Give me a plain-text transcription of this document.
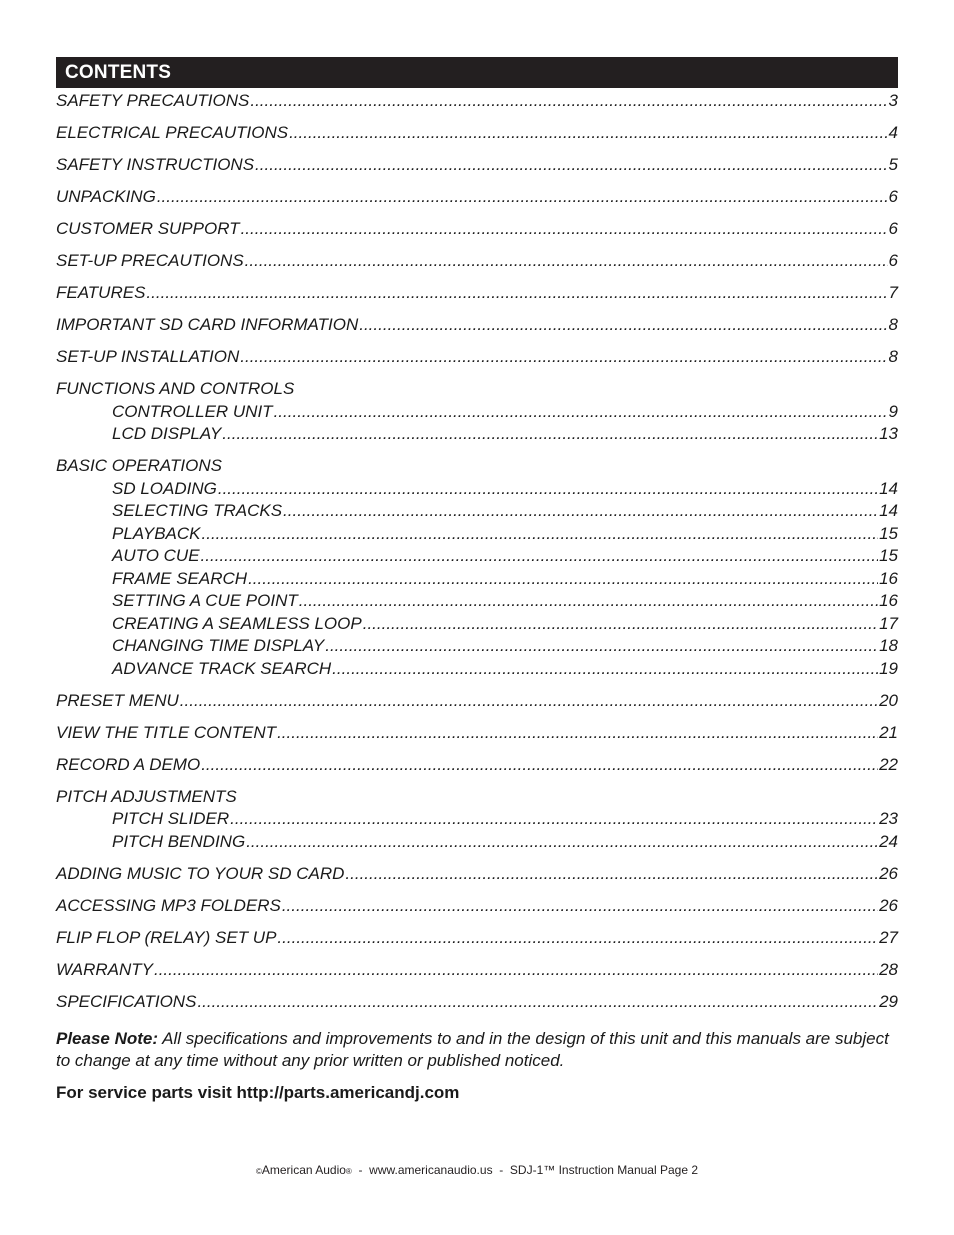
CONTENTS
SAFETY PRECAUTIONS .....	3
ELECTRICAL PRECAUTIONS .....	4
SAFETY INSTRUCTIONS .....	5
UNPACKING .....	6
CUSTOMER SUPPORT .....	6
SET-UP PRECAUTIONS .....	6
FEATURES .....	7
IMPORTANT SD CARD INFORMATION .....	8
SET-UP INSTALLATION .....	8
FUNCTIONS AND CONTROLS
CONTROLLER UNIT .....	9
LCD DISPLAY .....	13
BASIC OPERATIONS
SD LOADING .....	14
SELECTING TRACKS .....	14
PLAYBACK .....	15
AUTO CUE .....	15
FRAME SEARCH .....	16
SETTING A CUE POINT .....	16
CREATING A SEAMLESS LOOP .....	17
CHANGING TIME DISPLAY .....	18
ADVANCE TRACK SEARCH .....	19
PRESET MENU .....	20
VIEW THE TITLE CONTENT .....	21
RECORD A DEMO .....	22
PITCH ADJUSTMENTS
PITCH SLIDER .....	23
PITCH BENDING .....	24
ADDING MUSIC TO YOUR SD CARD .....	26
ACCESSING MP3 FOLDERS .....	26
FLIP FLOP (RELAY) SET UP .....	27
WARRANTY .....	28
SPECIFICATIONS .....	29
Please Note: All specifications and improvements to and in the design of this unit and this manuals are subject to change at any time without any prior written or published noticed.
For service parts visit http://parts.americandj.com
©American Audio®  -  www.americanaudio.us  -  SDJ-1™ Instruction Manual Page 2
